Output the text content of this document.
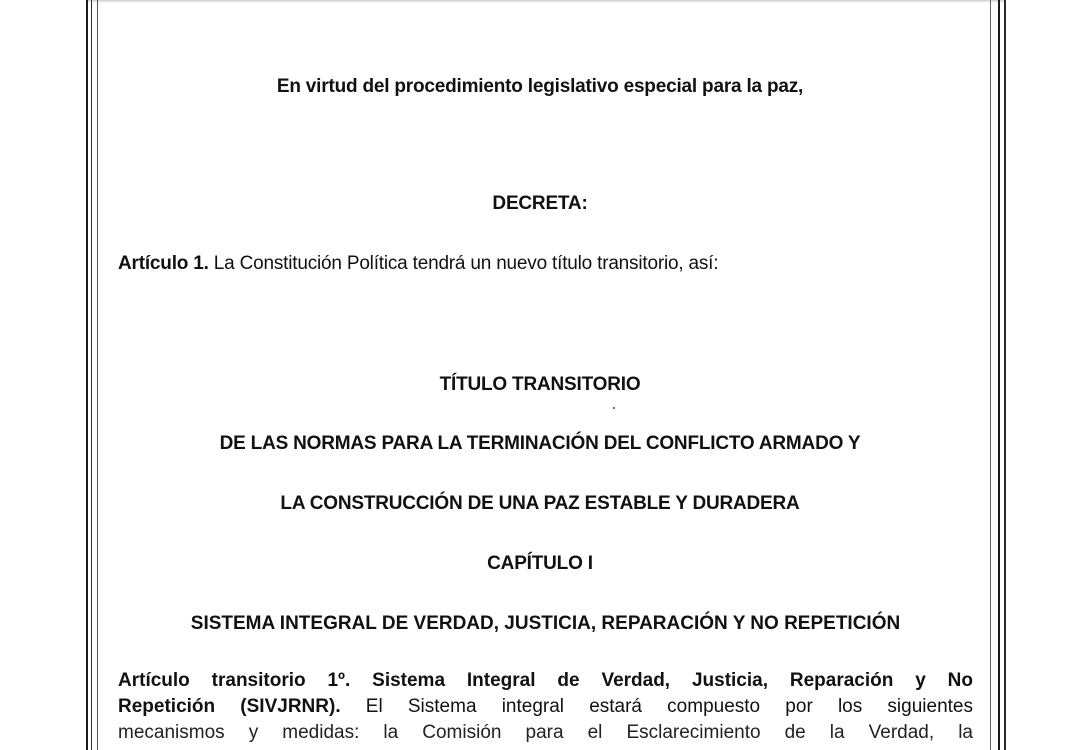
En virtud del procedimiento legislativo especial para la paz,
DECRETA:
Artículo 1. La Constitución Política tendrá un nuevo título transitorio, así:
TÍTULO TRANSITORIO
DE LAS NORMAS PARA LA TERMINACIÓN DEL CONFLICTO ARMADO Y
LA CONSTRUCCIÓN DE UNA PAZ ESTABLE Y DURADERA
CAPÍTULO I
SISTEMA INTEGRAL DE VERDAD, JUSTICIA, REPARACIÓN Y NO REPETICIÓN
Artículo transitorio 1º. Sistema Integral de Verdad, Justicia, Reparación y No
Repetición (SIVJRNR). El Sistema integral estará compuesto por los siguientes
mecanismos y medidas: la Comisión para el Esclarecimiento de la Verdad, la
